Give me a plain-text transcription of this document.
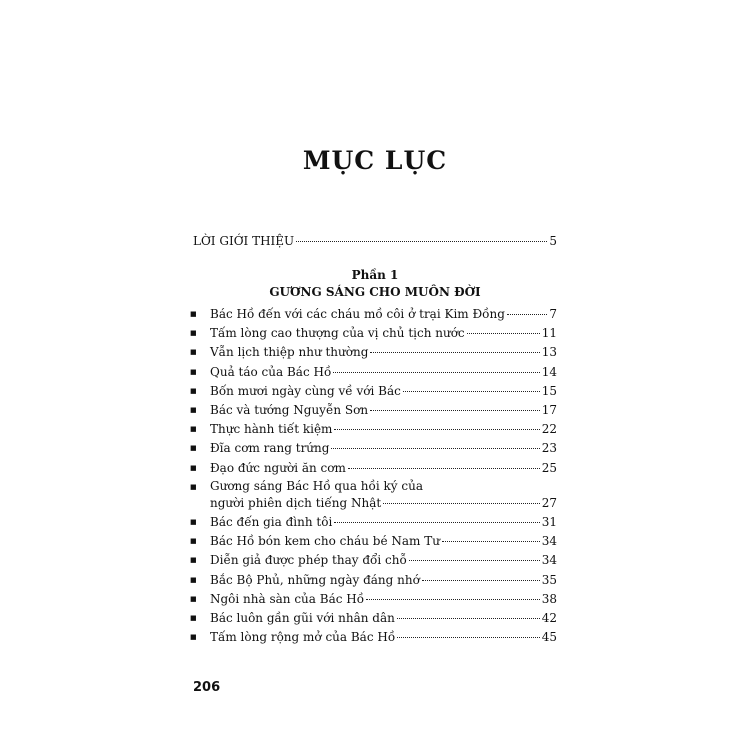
MỤC LỤC
LỜI GIỚI THIỆU	5
Phần 1
GƯƠNG SÁNG CHO MUÔN ĐỜI
■	Bác Hồ đến với các cháu mồ côi ở trại Kim Đồng	7
■	Tấm lòng cao thượng của vị chủ tịch nước	11
■	Vẫn lịch thiệp như thường	13
■	Quả táo của Bác Hồ	14
■	Bốn mươi ngày cùng về với Bác	15
■	Bác và tướng Nguyễn Sơn	17
■	Thực hành tiết kiệm	22
■	Đĩa cơm rang trứng	23
■	Đạo đức người ăn cơm	25
■	Gương sáng Bác Hồ qua hồi ký của
người phiên dịch tiếng Nhật	27
■	Bác đến gia đình tôi	31
■	Bác Hồ bón kem cho cháu bé Nam Tư	34
■	Diễn giả được phép thay đổi chỗ	34
■	Bắc Bộ Phủ, những ngày đáng nhớ	35
■	Ngôi nhà sàn của Bác Hồ	38
■	Bác luôn gần gũi với nhân dân	42
■	Tấm lòng rộng mở của Bác Hồ	45
206
